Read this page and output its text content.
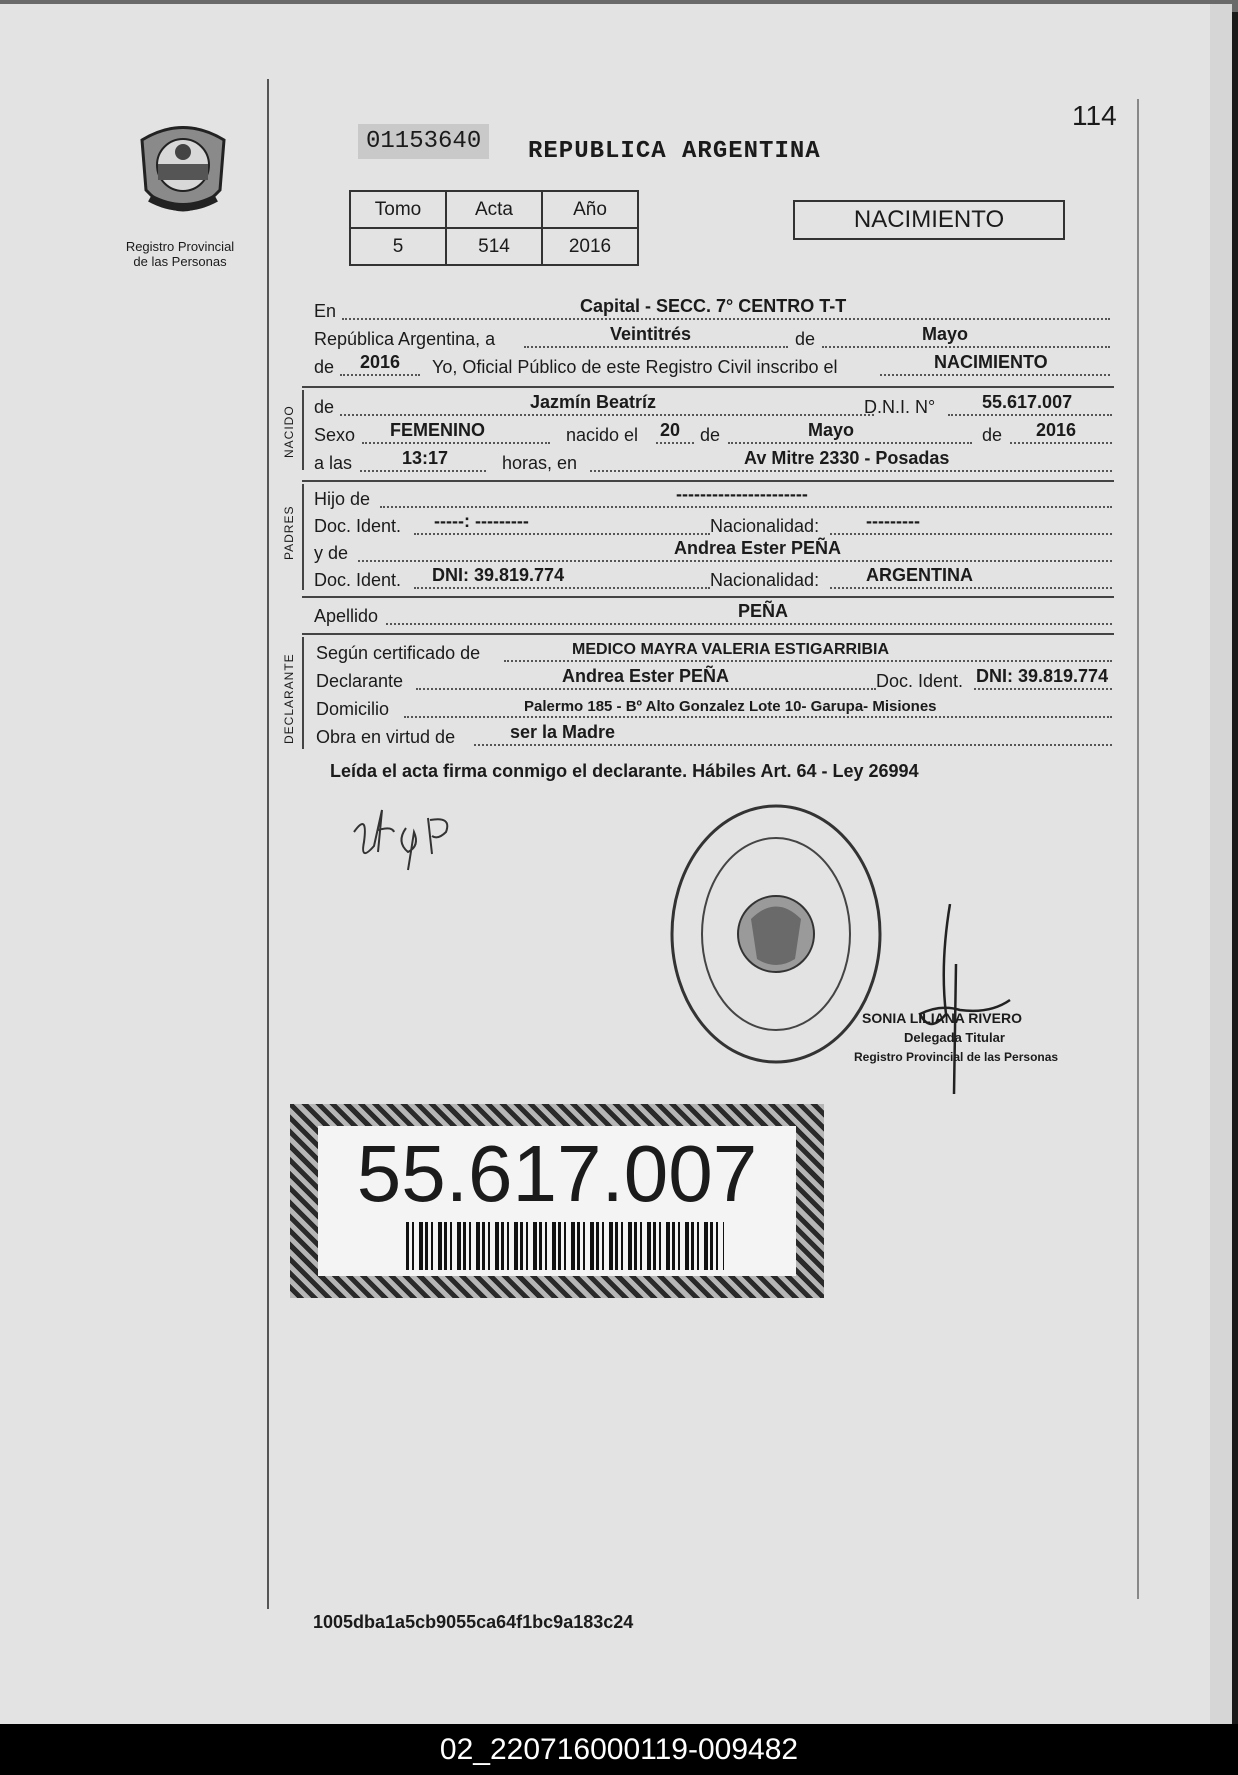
Registro Provincial
de las Personas
01153640	REPUBLICA ARGENTINA
114
Tomo	Acta	Año
5	514	2016
NACIMIENTO
En	Capital - SECC. 7° CENTRO T-T
República Argentina, a	Veintitrés	de	Mayo
de 2016 Yo, Oficial Público de este Registro Civil inscribo el	NACIMIENTO
NACIDO de	Jazmín Beatríz	D.N.I. N°	55.617.007
Sexo FEMENINO	nacido el 20 de	Mayo	de 2016
a las	13:17	horas, en	Av Mitre 2330 - Posadas
PADRES
Hijo de	----------------------
Doc. Ident. -----: ---------	Nacionalidad:	---------
y de	Andrea Ester PEÑA
Doc. Ident. DNI: 39.819.774	Nacionalidad:	ARGENTINA
Apellido	PEÑA
DECLARANTE
Según certificado de	MEDICO MAYRA VALERIA ESTIGARRIBIA
Declarante	Andrea Ester PEÑA	Doc. Ident. DNI: 39.819.774
Domicilio	Palermo 185 - Bº Alto Gonzalez Lote 10- Garupa- Misiones
Obra en virtud de	ser la Madre
Leída el acta firma conmigo el declarante. Hábiles Art. 64 - Ley 26994
SONIA LILIANA RIVERO
Delegada Titular
Registro Provincial de las Personas
55.617.007
1005dba1a5cb9055ca64f1bc9a183c24
02_220716000119-009482
